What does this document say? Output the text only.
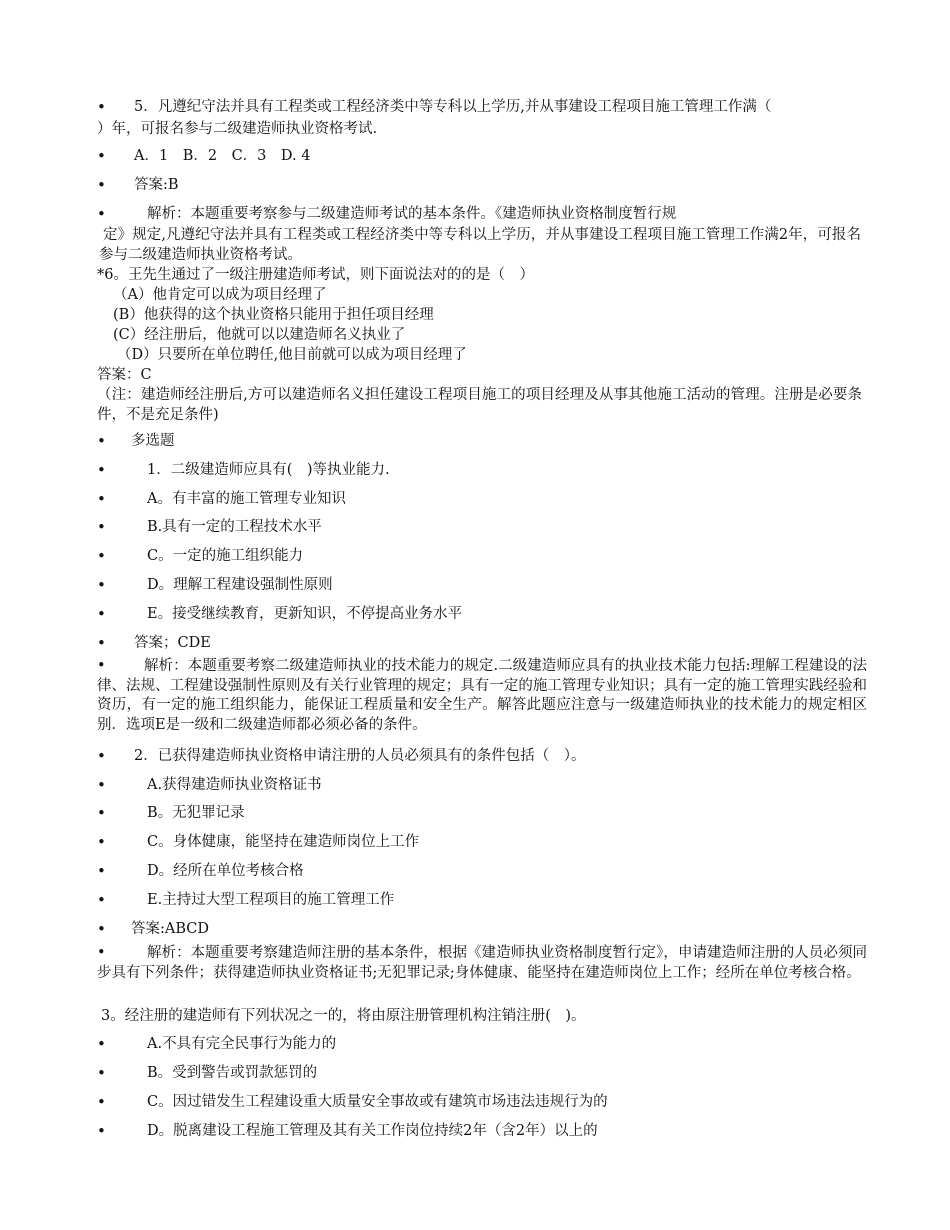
• 5．凡遵纪守法并具有工程类或工程经济类中等专科以上学历,并从事建设工程项目施工管理工作满（
）年，可报名参与二级建造师执业资格考试.
• A．1　B．2　C．3　D. 4
• 答案:B
•	解析：本题重要考察参与二级建造师考试的基本条件。《建造师执业资格制度暂行规
定》规定,凡遵纪守法并具有工程类或工程经济类中等专科以上学历，并从事建设工程项目施工管理工作满2年，可报名参与二级建造师执业资格考试。
*6。王先生通过了一级注册建造师考试，则下面说法对的的是（　）
（A）他肯定可以成为项目经理了
(B）他获得的这个执业资格只能用于担任项目经理
(C）经注册后，他就可以以建造师名义执业了
（D）只要所在单位聘任,他目前就可以成为项目经理了
答案：C
（注：建造师经注册后,方可以建造师名义担任建设工程项目施工的项目经理及从事其他施工活动的管理。注册是必要条件，不是充足条件)
• 多选题
•	1．二级建造师应具有(　)等执业能力.
•	A。有丰富的施工管理专业知识
•	B.具有一定的工程技术水平
•	C。一定的施工组织能力
•	D。理解工程建设强制性原则
•	E。接受继续教育，更新知识，不停提高业务水平
• 答案；CDE
•	解析：本题重要考察二级建造师执业的技术能力的规定.二级建造师应具有的执业技术能力包括:理解工程建设的法律、法规、工程建设强制性原则及有关行业管理的规定；具有一定的施工管理专业知识；具有一定的施工管理实践经验和资历，有一定的施工组织能力，能保证工程质量和安全生产。解答此题应注意与一级建造师执业的技术能力的规定相区别．选项E是一级和二级建造师都必须必备的条件。
• 2．已获得建造师执业资格申请注册的人员必须具有的条件包括（　）。
•	A.获得建造师执业资格证书
•	B。无犯罪记录
•	C。身体健康，能坚持在建造师岗位上工作
•	D。经所在单位考核合格
•	E.主持过大型工程项目的施工管理工作
• 答案:ABCD
•	解析：本题重要考察建造师注册的基本条件，根据《建造师执业资格制度暂行定》，申请建造师注册的人员必须同步具有下列条件；获得建造师执业资格证书;无犯罪记录;身体健康、能坚持在建造师岗位上工作；经所在单位考核合格。
3。经注册的建造师有下列状况之一的，将由原注册管理机构注销注册(　)。
•	A.不具有完全民事行为能力的
•	B。受到警告或罚款惩罚的
•	C。因过错发生工程建设重大质量安全事故或有建筑市场违法违规行为的
•	D。脱离建设工程施工管理及其有关工作岗位持续2年（含2年）以上的
